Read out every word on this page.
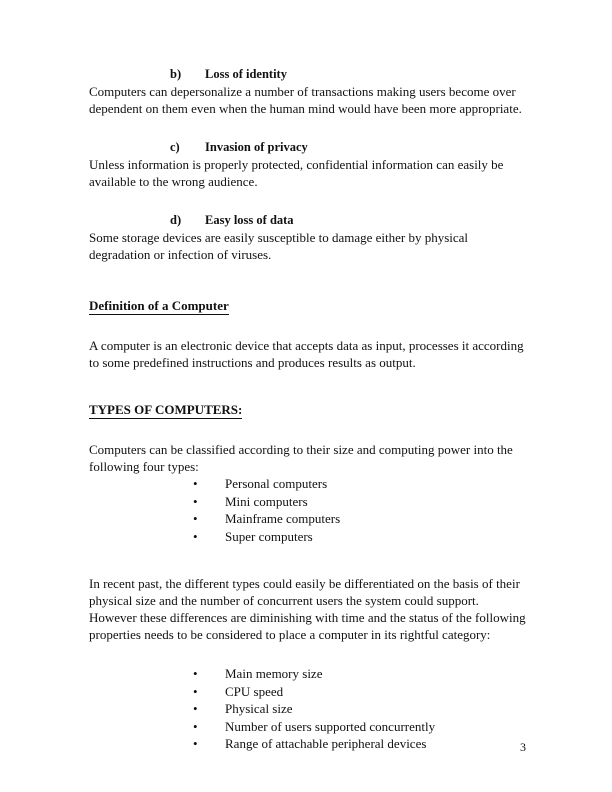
b) Loss of identity

Computers can depersonalize a number of transactions making users become over dependent on them even when the human mind would have been more appropriate.

c) Invasion of privacy

Unless information is properly protected, confidential information can easily be available to the wrong audience.

d) Easy loss of data

Some storage devices are easily susceptible to damage either by physical degradation or infection of viruses.

Definition of a Computer

A computer is an electronic device that accepts data as input, processes it according to some predefined instructions and produces results as output.

TYPES OF COMPUTERS:

Computers can be classified according to their size and computing power into the following four types:

• Personal computers
• Mini computers
• Mainframe computers
• Super computers

In recent past, the different types could easily be differentiated on the basis of their physical size and the number of concurrent users the system could support. However these differences are diminishing with time and the status of the following properties needs to be considered to place a computer in its rightful category:

• Main memory size
• CPU speed
• Physical size
• Number of users supported concurrently
• Range of attachable peripheral devices	3
